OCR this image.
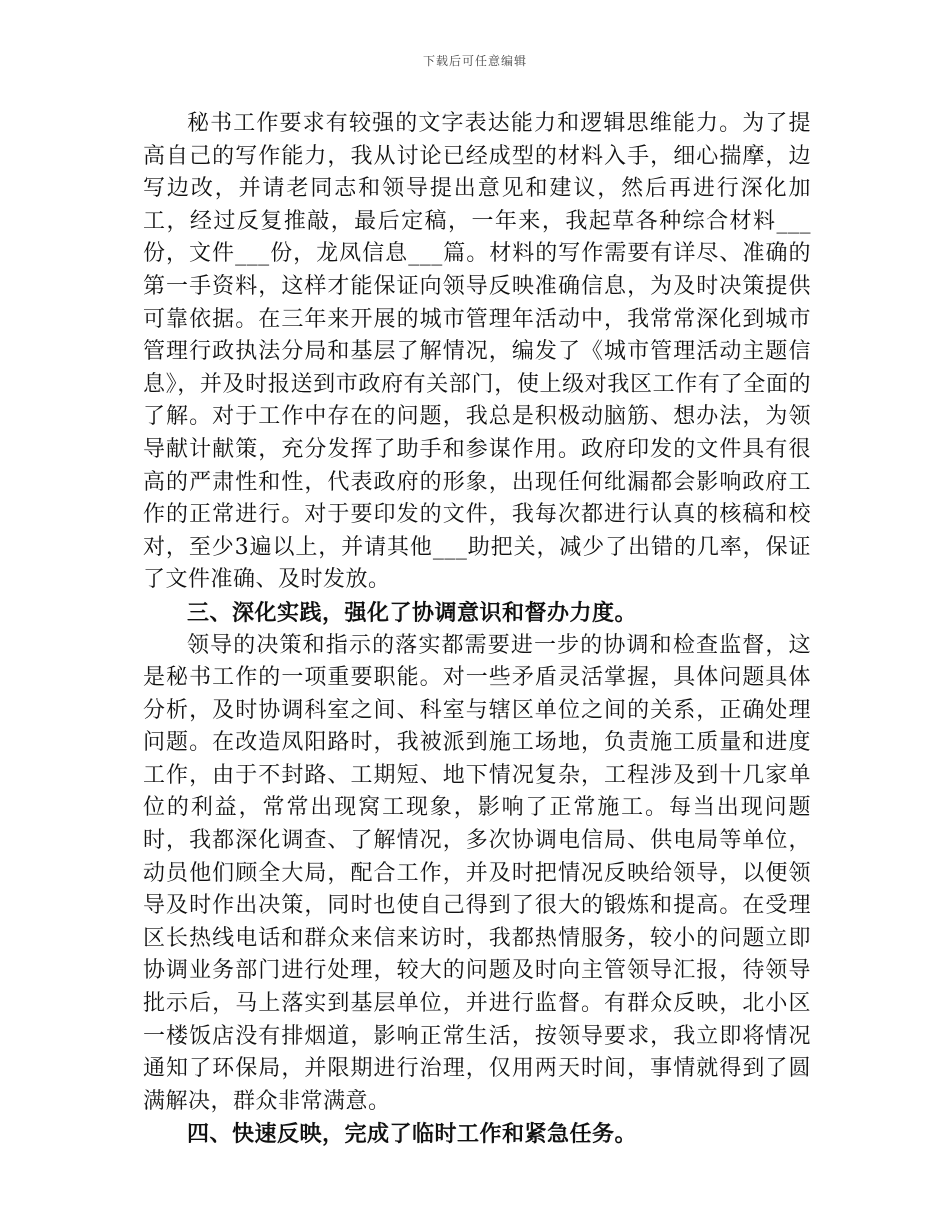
下载后可任意编辑

秘书工作要求有较强的文字表达能力和逻辑思维能力。为了提高自己的写作能力，我从讨论已经成型的材料入手，细心揣摩，边写边改，并请老同志和领导提出意见和建议，然后再进行深化加工，经过反复推敲，最后定稿，一年来，我起草各种综合材料___份，文件___份，龙凤信息___篇。材料的写作需要有详尽、准确的第一手资料，这样才能保证向领导反映准确信息，为及时决策提供可靠依据。在三年来开展的城市管理年活动中，我常常深化到城市管理行政执法分局和基层了解情况，编发了《城市管理活动主题信息》，并及时报送到市政府有关部门，使上级对我区工作有了全面的了解。对于工作中存在的问题，我总是积极动脑筋、想办法，为领导献计献策，充分发挥了助手和参谋作用。政府印发的文件具有很高的严肃性和性，代表政府的形象，出现任何纰漏都会影响政府工作的正常进行。对于要印发的文件，我每次都进行认真的核稿和校对，至少3遍以上，并请其他___助把关，减少了出错的几率，保证了文件准确、及时发放。

三、深化实践，强化了协调意识和督办力度。

领导的决策和指示的落实都需要进一步的协调和检查监督，这是秘书工作的一项重要职能。对一些矛盾灵活掌握，具体问题具体分析，及时协调科室之间、科室与辖区单位之间的关系，正确处理问题。在改造凤阳路时，我被派到施工场地，负责施工质量和进度工作，由于不封路、工期短、地下情况复杂，工程涉及到十几家单位的利益，常常出现窝工现象，影响了正常施工。每当出现问题时，我都深化调查、了解情况，多次协调电信局、供电局等单位，动员他们顾全大局，配合工作，并及时把情况反映给领导，以便领导及时作出决策，同时也使自己得到了很大的锻炼和提高。在受理区长热线电话和群众来信来访时，我都热情服务，较小的问题立即协调业务部门进行处理，较大的问题及时向主管领导汇报，待领导批示后，马上落实到基层单位，并进行监督。有群众反映，北小区一楼饭店没有排烟道，影响正常生活，按领导要求，我立即将情况通知了环保局，并限期进行治理，仅用两天时间，事情就得到了圆满解决，群众非常满意。

四、快速反映，完成了临时工作和紧急任务。
